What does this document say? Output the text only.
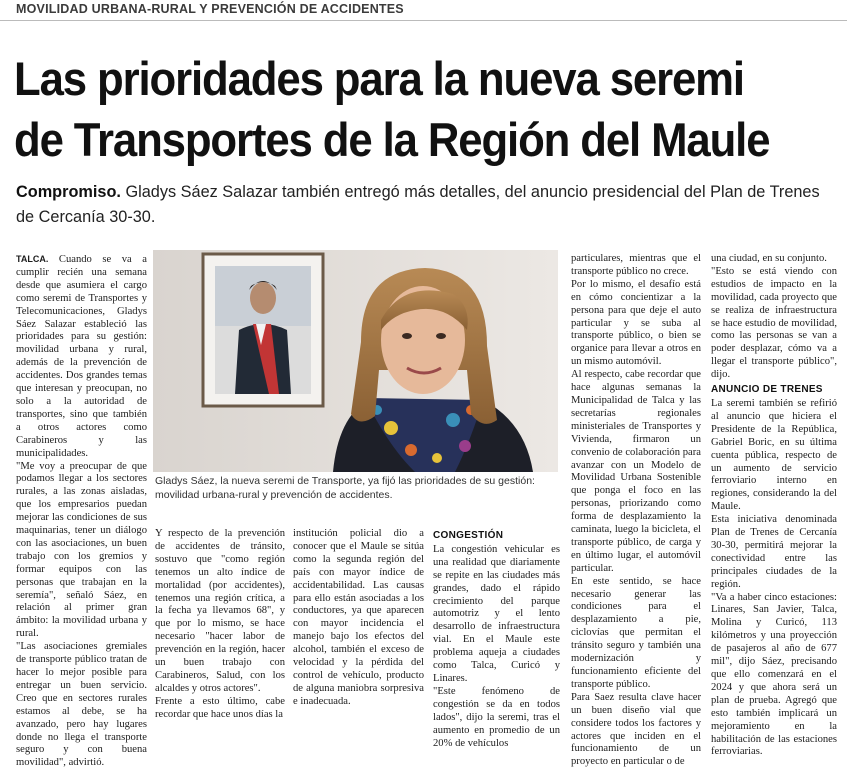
MOVILIDAD URBANA-RURAL Y PREVENCIÓN DE ACCIDENTES
Las prioridades para la nueva seremi
de Transportes de la Región del Maule
Compromiso. Gladys Sáez Salazar también entregó más detalles, del anuncio presidencial del Plan de Trenes de Cercanía 30-30.

TALCA. Cuando se va a cumplir recién una semana desde que asumiera el cargo como seremi de Transportes y Telecomunicaciones, Gladys Sáez Salazar estableció las prioridades para su gestión: movilidad urbana y rural, además de la prevención de accidentes. Dos grandes temas que interesan y preocupan, no solo a la autoridad de transportes, sino que también a otros actores como Carabineros y las municipalidades.

"Me voy a preocupar de que podamos llegar a los sectores rurales, a las zonas aisladas, que los empresarios puedan mejorar las condiciones de sus maquinarias, tener un diálogo con las asociaciones, un buen trabajo con los gremios y formar equipos con las personas que trabajan en la seremía", señaló Sáez, en relación al primer gran ámbito: la movilidad urbana y rural.

"Las asociaciones gremiales de transporte público tratan de hacer lo mejor posible para entregar un buen servicio. Creo que en sectores rurales estamos al debe, se ha avanzado, pero hay lugares donde no llega el transporte seguro y con buena movilidad", advirtió.

Gladys Sáez, la nueva seremi de Transporte, ya fijó las prioridades de su gestión: movilidad urbana-rural y prevención de accidentes.

Y respecto de la prevención de accidentes de tránsito, sostuvo que "como región tenemos un alto índice de mortalidad (por accidentes), tenemos una región crítica, a la fecha ya llevamos 68", y que por lo mismo, se hace necesario "hacer labor de prevención en la región, hacer un buen trabajo con Carabineros, Salud, con los alcaldes y otros actores".

Frente a esto último, cabe recordar que hace unos días la

institución policial dio a conocer que el Maule se sitúa como la segunda región del país con mayor índice de accidentabilidad. Las causas para ello están asociadas a los conductores, ya que aparecen con mayor incidencia el manejo bajo los efectos del alcohol, también el exceso de velocidad y la pérdida del control de vehículo, producto de alguna maniobra sorpresiva e inadecuada.

CONGESTIÓN

La congestión vehicular es una realidad que diariamente se repite en las ciudades más grandes, dado el rápido crecimiento del parque automotriz y el lento desarrollo de infraestructura vial. En el Maule este problema aqueja a ciudades como Talca, Curicó y Linares.

"Este fenómeno de congestión se da en todos lados", dijo la seremi, tras el aumento en promedio de un 20% de vehículos

particulares, mientras que el transporte público no crece.

Por lo mismo, el desafío está en cómo concientizar a la persona para que deje el auto particular y se suba al transporte público, o bien se organice para llevar a otros en un mismo automóvil.

Al respecto, cabe recordar que hace algunas semanas la Municipalidad de Talca y las secretarías regionales ministeriales de Transportes y Vivienda, firmaron un convenio de colaboración para avanzar con un Modelo de Movilidad Urbana Sostenible que ponga el foco en las personas, priorizando como forma de desplazamiento la caminata, luego la bicicleta, el transporte público, de carga y en último lugar, el automóvil particular.

En este sentido, se hace necesario generar las condiciones para el desplazamiento a pie, ciclovías que permitan el tránsito seguro y también una modernización y funcionamiento eficiente del transporte público.

Para Saez resulta clave hacer un buen diseño vial que considere todos los factores y actores que inciden en el funcionamiento de un proyecto en particular o de

una ciudad, en su conjunto.

"Esto se está viendo con estudios de impacto en la movilidad, cada proyecto que se realiza de infraestructura se hace estudio de movilidad, como las personas se van a poder desplazar, cómo va a llegar el transporte público", dijo.

ANUNCIO DE TRENES

La seremi también se refirió al anuncio que hiciera el Presidente de la República, Gabriel Boric, en su última cuenta pública, respecto de un aumento de servicio ferroviario interno en regiones, considerando la del Maule.

Esta iniciativa denominada Plan de Trenes de Cercanía 30-30, permitirá mejorar la conectividad entre las principales ciudades de la región.

"Va a haber cinco estaciones: Linares, San Javier, Talca, Molina y Curicó, 113 kilómetros y una proyección de pasajeros al año de 677 mil", dijo Sáez, precisando que ello comenzará en el 2024 y que ahora será un plan de prueba. Agregó que esto también implicará un mejoramiento en la habilitación de las estaciones ferroviarias.
